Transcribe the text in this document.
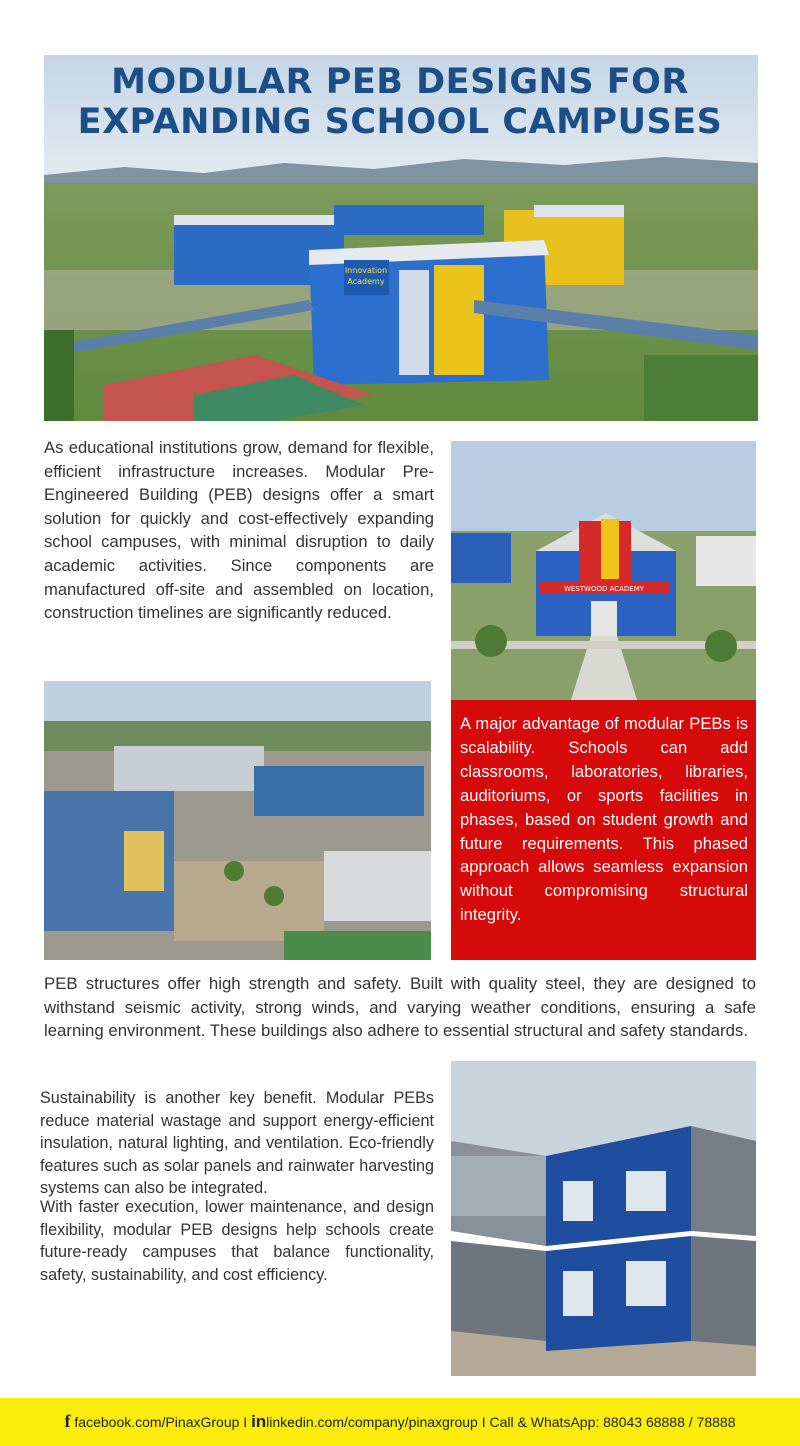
Innovation
Academy
MODULAR PEB DESIGNS FOR
EXPANDING SCHOOL CAMPUSES

As educational institutions grow, demand for flexible, efficient infrastructure increases. Modular Pre-Engineered Building (PEB) designs offer a smart solution for quickly and cost-effectively expanding school campuses, with minimal disruption to daily academic activities. Since components are manufactured off-site and assembled on location, construction timelines are significantly reduced.

WESTWOOD ACADEMY

A major advantage of modular PEBs is scalability. Schools can add classrooms, laboratories, libraries, auditoriums, or sports facilities in phases, based on student growth and future requirements. This phased approach allows seamless expansion without compromising structural integrity.

PEB structures offer high strength and safety. Built with quality steel, they are designed to withstand seismic activity, strong winds, and varying weather conditions, ensuring a safe learning environment. These buildings also adhere to essential structural and safety standards.

Sustainability is another key benefit. Modular PEBs reduce material wastage and support energy-efficient insulation, natural lighting, and ventilation. Eco-friendly features such as solar panels and rainwater harvesting systems can also be integrated.

With faster execution, lower maintenance, and design flexibility, modular PEB designs help schools create future-ready campuses that balance functionality, safety, sustainability, and cost efficiency.

f facebook.com/PinaxGroup I inlinkedin.com/company/pinaxgroup I Call & WhatsApp: 88043 68888 / 78888
